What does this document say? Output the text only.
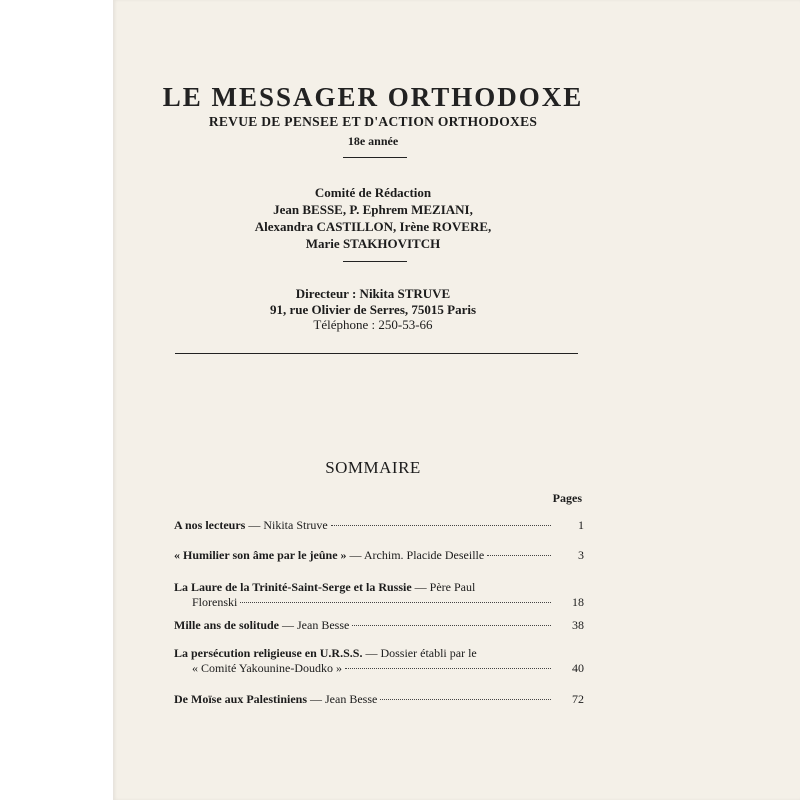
LE MESSAGER ORTHODOXE
REVUE DE PENSEE ET D'ACTION ORTHODOXES
18e année
Comité de Rédaction
Jean BESSE, P. Ephrem MEZIANI,
Alexandra CASTILLON, Irène ROVERE,
Marie STAKHOVITCH
Directeur : Nikita STRUVE
91, rue Olivier de Serres, 75015 Paris
Téléphone : 250-53-66
SOMMAIRE
Pages
A nos lecteurs — Nikita Struve	1
« Humilier son âme par le jeûne » — Archim. Placide Deseille	3
La Laure de la Trinité-Saint-Serge et la Russie — Père Paul
Florenski	18
Mille ans de solitude — Jean Besse	38
La persécution religieuse en U.R.S.S. — Dossier établi par le
« Comité Yakounine-Doudko »	40
De Moïse aux Palestiniens — Jean Besse	72
